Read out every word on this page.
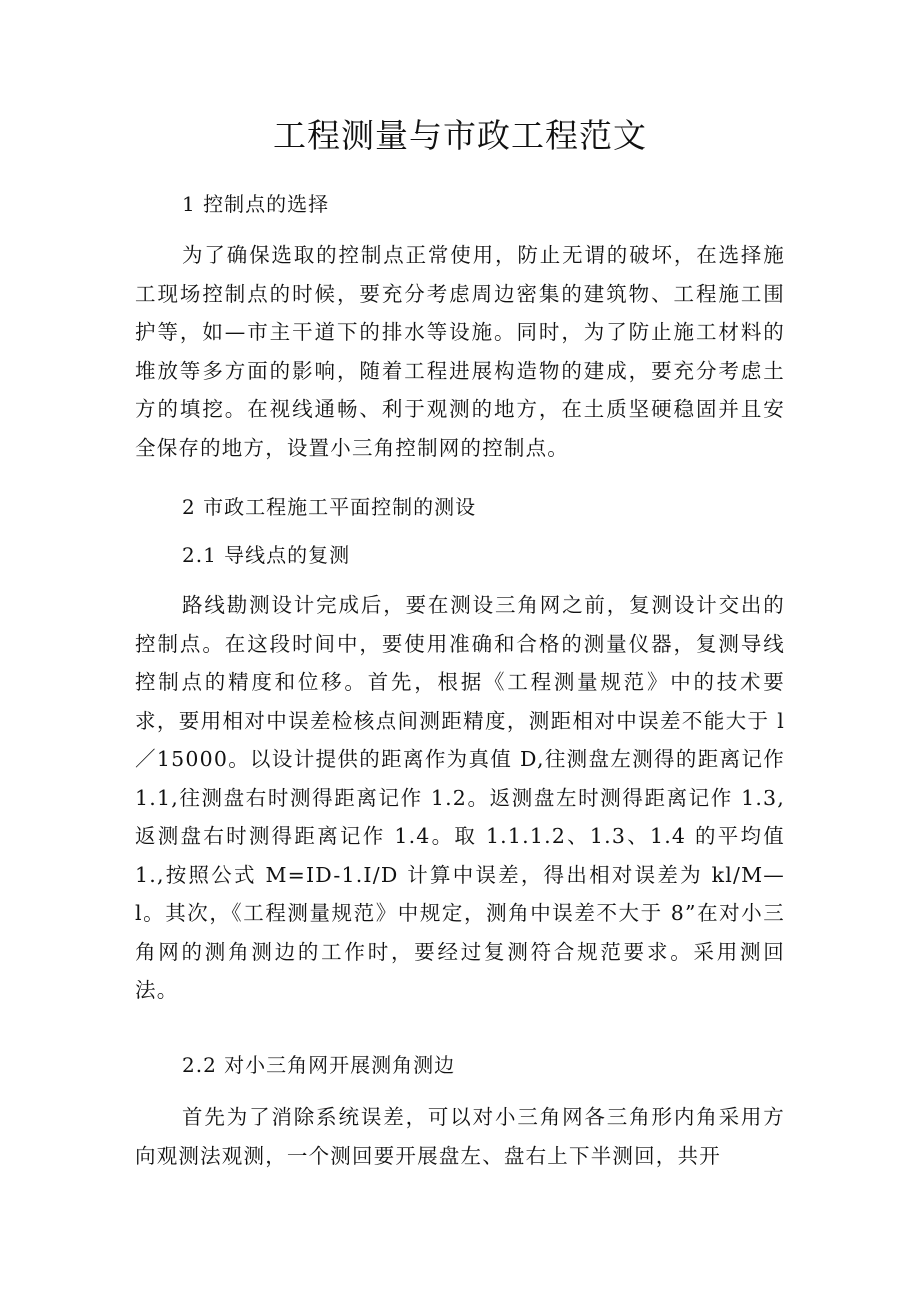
工程测量与市政工程范文
1 控制点的选择

为了确保选取的控制点正常使用，防止无谓的破坏，在选择施工现场控制点的时候，要充分考虑周边密集的建筑物、工程施工围护等，如—市主干道下的排水等设施。同时，为了防止施工材料的堆放等多方面的影响，随着工程进展构造物的建成，要充分考虑土方的填挖。在视线通畅、利于观测的地方，在土质坚硬稳固并且安全保存的地方，设置小三角控制网的控制点。

2 市政工程施工平面控制的测设
2.1 导线点的复测

路线勘测设计完成后，要在测设三角网之前，复测设计交出的控制点。在这段时间中，要使用准确和合格的测量仪器，复测导线控制点的精度和位移。首先，根据《工程测量规范》中的技术要求，要用相对中误差检核点间测距精度，测距相对中误差不能大于 l／15000。以设计提供的距离作为真值 D,往测盘左测得的距离记作 1.1,往测盘右时测得距离记作 1.2。返测盘左时测得距离记作 1.3,返测盘右时测得距离记作 1.4。取 1.1.1.2、1.3、1.4 的平均值 1.,按照公式 M=ID-1.I/D 计算中误差，得出相对误差为 kl/M—l。其次，《工程测量规范》中规定，测角中误差不大于 8”在对小三角网的测角测边的工作时，要经过复测符合规范要求。采用测回法。

2.2 对小三角网开展测角测边

首先为了消除系统误差，可以对小三角网各三角形内角采用方向观测法观测，一个测回要开展盘左、盘右上下半测回，共开
